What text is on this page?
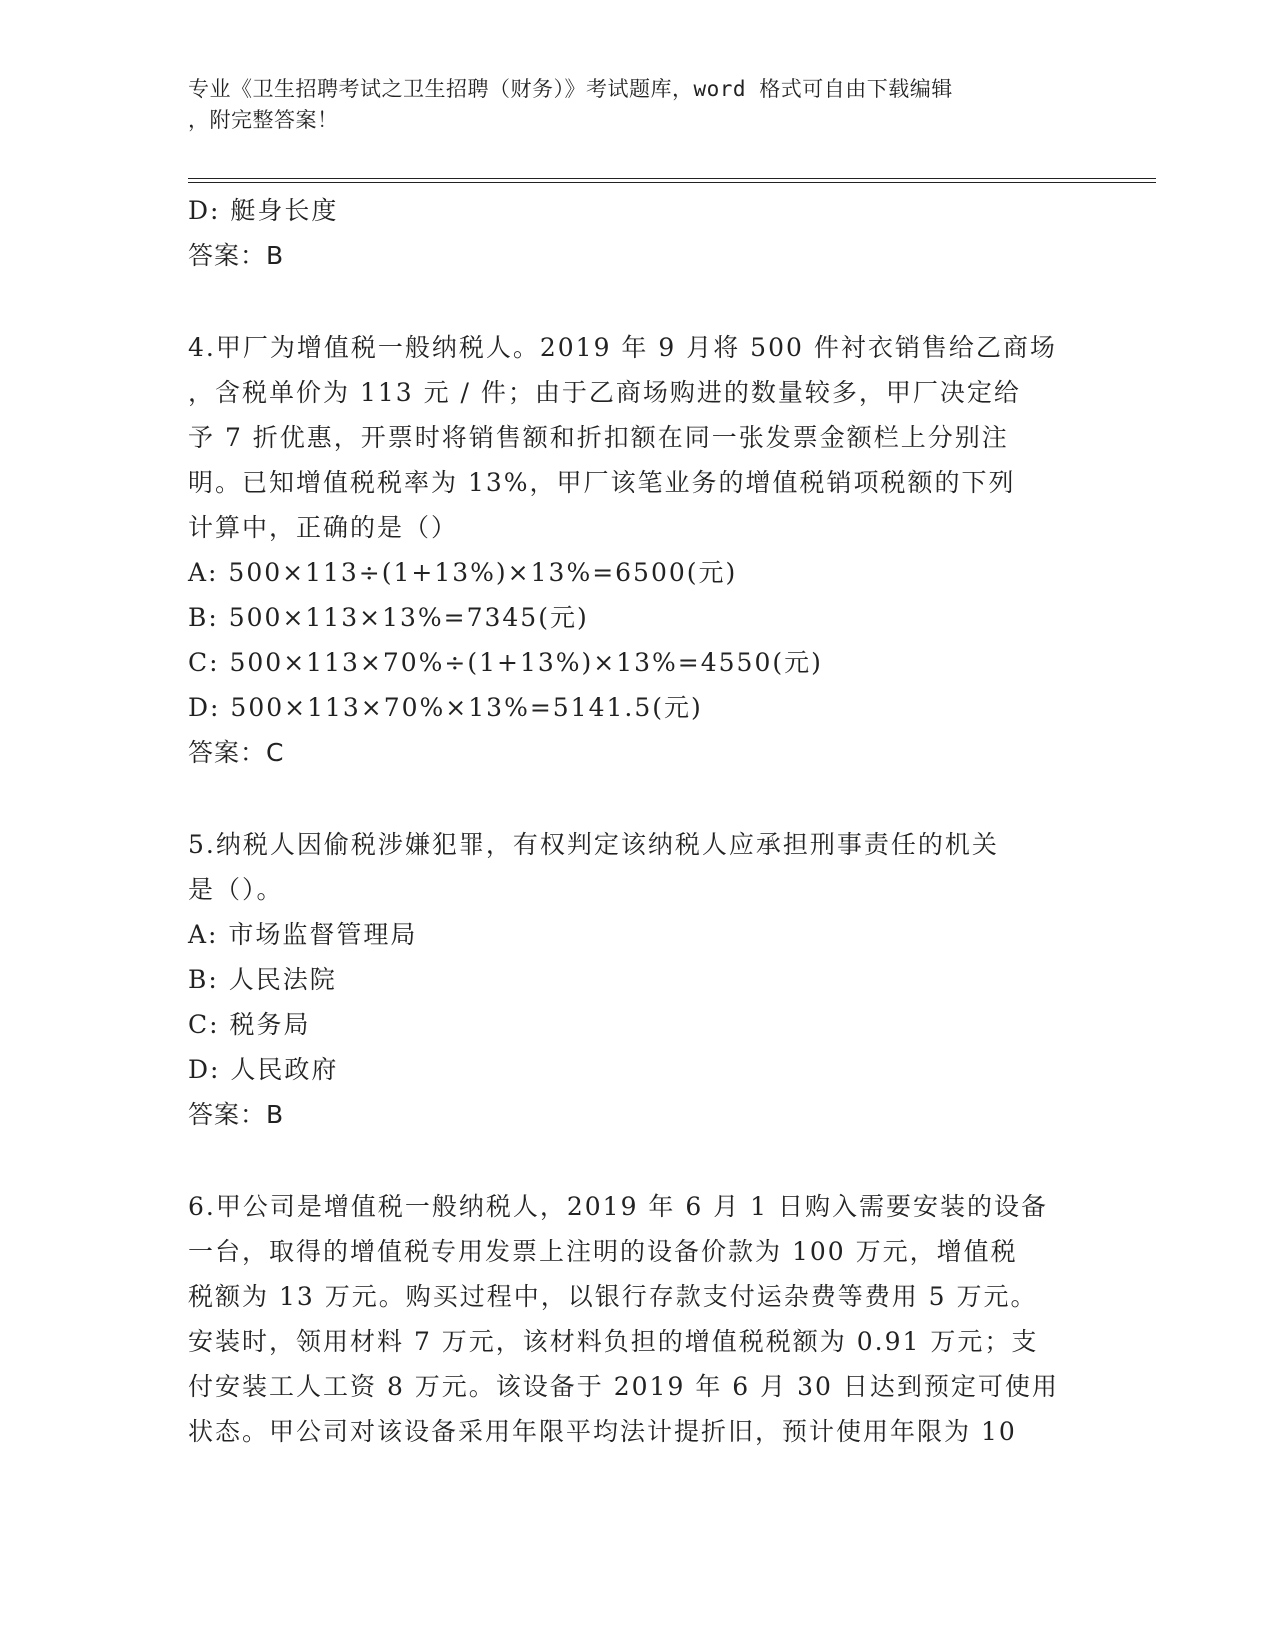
专业《卫生招聘考试之卫生招聘（财务）》考试题库，word 格式可自由下载编辑
，附完整答案！
D: 艇身长度
答案：B
4.甲厂为增值税一般纳税人。2019 年 9 月将 500 件衬衣销售给乙商场
，含税单价为 113 元 / 件；由于乙商场购进的数量较多，甲厂决定给
予 7 折优惠，开票时将销售额和折扣额在同一张发票金额栏上分别注
明。已知增值税税率为 13%，甲厂该笔业务的增值税销项税额的下列
计算中，正确的是（）
A: 500×113÷(1+13%)×13%=6500(元)
B: 500×113×13%=7345(元)
C: 500×113×70%÷(1+13%)×13%=4550(元)
D: 500×113×70%×13%=5141.5(元)
答案：C
5.纳税人因偷税涉嫌犯罪，有权判定该纳税人应承担刑事责任的机关
是（）。
A: 市场监督管理局
B: 人民法院
C: 税务局
D: 人民政府
答案：B
6.甲公司是增值税一般纳税人，2019 年 6 月 1 日购入需要安装的设备
一台，取得的增值税专用发票上注明的设备价款为 100 万元，增值税
税额为 13 万元。购买过程中，以银行存款支付运杂费等费用 5 万元。
安装时，领用材料 7 万元，该材料负担的增值税税额为 0.91 万元；支
付安装工人工资 8 万元。该设备于 2019 年 6 月 30 日达到预定可使用
状态。甲公司对该设备采用年限平均法计提折旧，预计使用年限为 10
